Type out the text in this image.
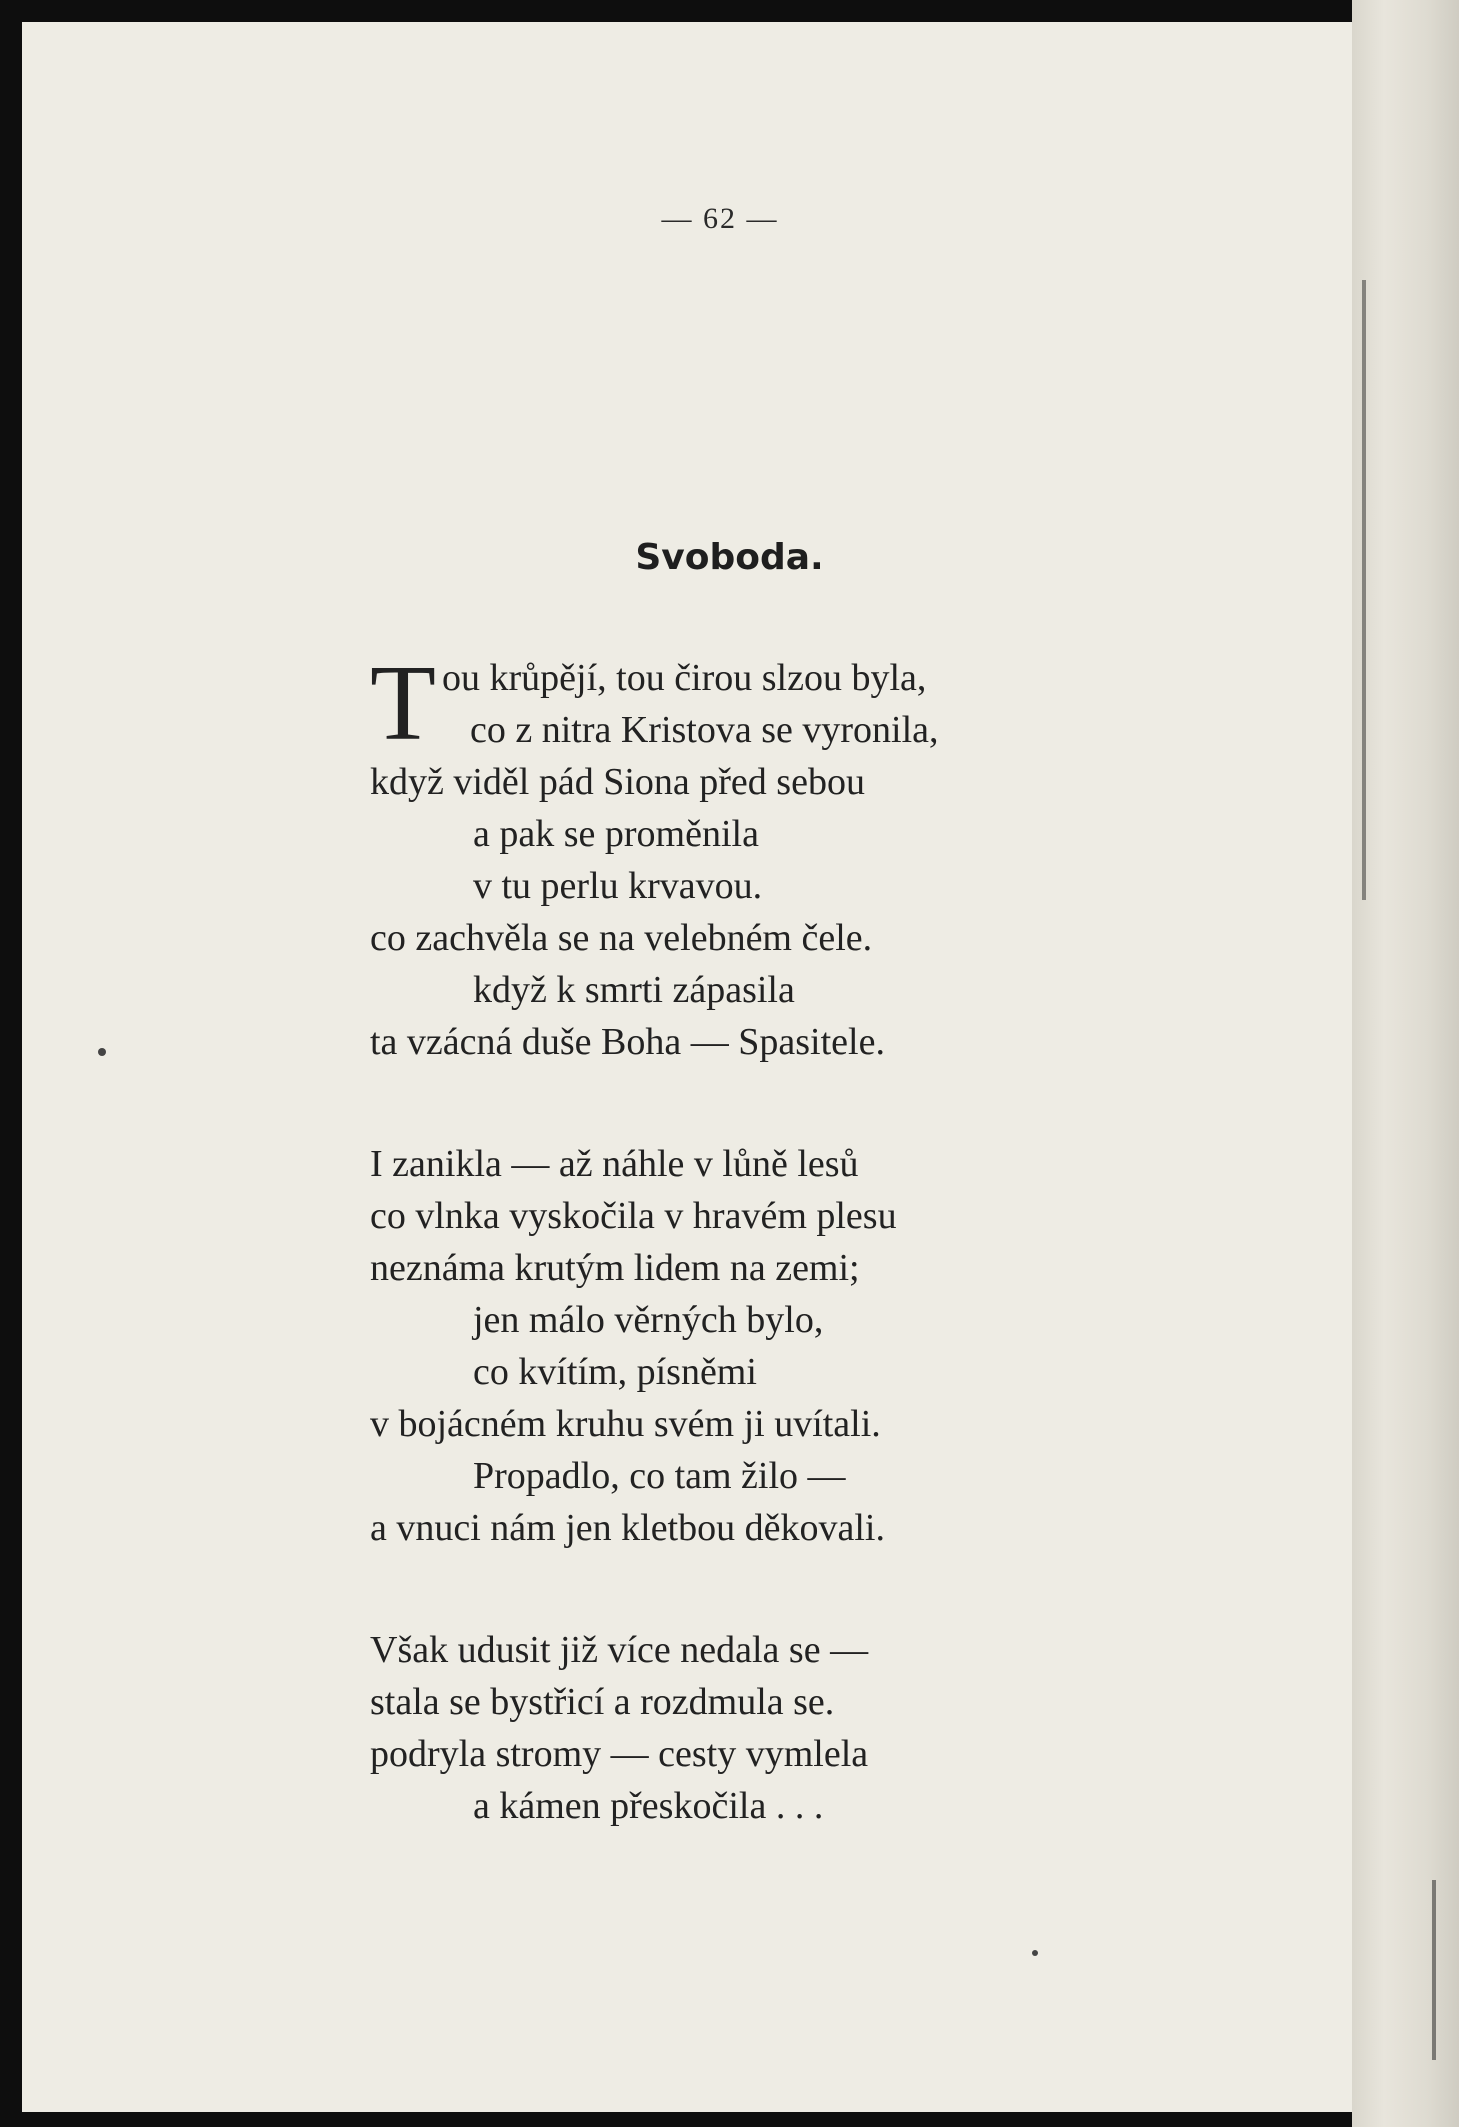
— 62 —
Svoboda.
T ou krůpějí, tou čirou slzou byla,
co z nitra Kristova se vyronila,
když viděl pád Siona před sebou
a pak se proměnila
v tu perlu krvavou.
co zachvěla se na velebném čele.
když k smrti zápasila
ta vzácná duše Boha — Spasitele.
I zanikla — až náhle v lůně lesů
co vlnka vyskočila v hravém plesu
neznáma krutým lidem na zemi;
jen málo věrných bylo,
co kvítím, písněmi
v bojácném kruhu svém ji uvítali.
Propadlo, co tam žilo —
a vnuci nám jen kletbou děkovali.
Však udusit již více nedala se —
stala se bystřicí a rozdmula se.
podryla stromy — cesty vymlela
a kámen přeskočila . . .
